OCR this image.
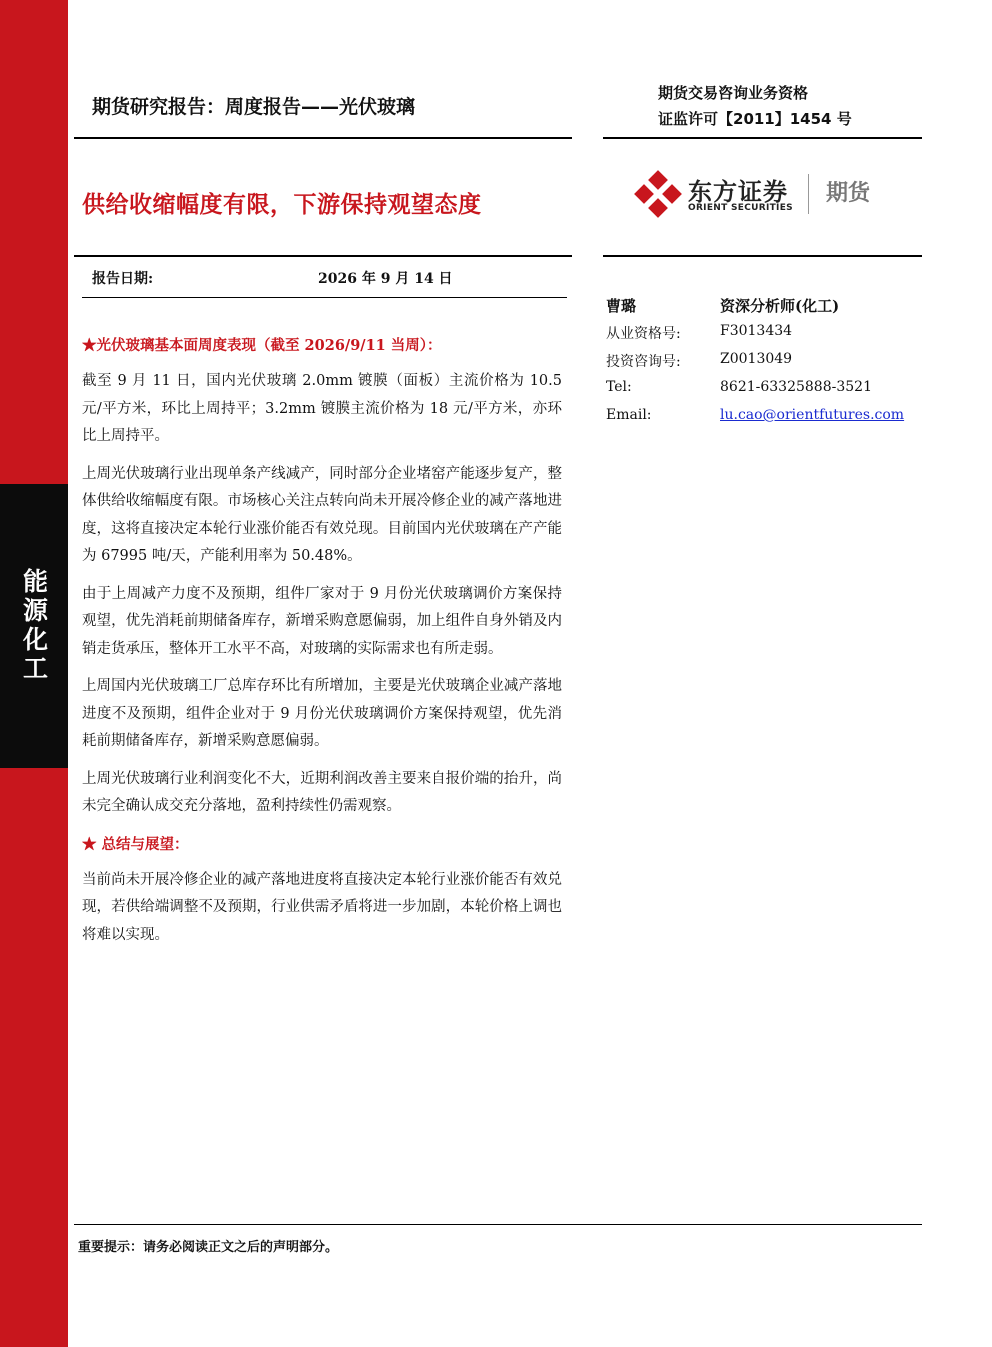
能源化工
期货研究报告：周度报告——光伏玻璃
期货交易咨询业务资格
证监许可【2011】1454 号
供给收缩幅度有限，下游保持观望态度	东方证券
ORIENT SECURITIES
期货
报告日期:	2026 年 9 月 14 日
曹璐	资深分析师(化工)
从业资格号:	F3013434
投资咨询号:	Z0013049
Tel:	8621-63325888-3521
Email:	lu.cao@orientfutures.com
★光伏玻璃基本面周度表现（截至 2026/9/11 当周）：

截至 9 月 11 日，国内光伏玻璃 2.0mm 镀膜（面板）主流价格为 10.5 元/平方米，环比上周持平；3.2mm 镀膜主流价格为 18 元/平方米，亦环比上周持平。

上周光伏玻璃行业出现单条产线减产，同时部分企业堵窑产能逐步复产，整体供给收缩幅度有限。市场核心关注点转向尚未开展冷修企业的减产落地进度，这将直接决定本轮行业涨价能否有效兑现。目前国内光伏玻璃在产产能为 67995 吨/天，产能利用率为 50.48%。

由于上周减产力度不及预期，组件厂家对于 9 月份光伏玻璃调价方案保持观望，优先消耗前期储备库存，新增采购意愿偏弱，加上组件自身外销及内销走货承压，整体开工水平不高，对玻璃的实际需求也有所走弱。

上周国内光伏玻璃工厂总库存环比有所增加，主要是光伏玻璃企业减产落地进度不及预期，组件企业对于 9 月份光伏玻璃调价方案保持观望，优先消耗前期储备库存，新增采购意愿偏弱。

上周光伏玻璃行业利润变化不大，近期利润改善主要来自报价端的抬升，尚未完全确认成交充分落地，盈利持续性仍需观察。

★ 总结与展望：

当前尚未开展冷修企业的减产落地进度将直接决定本轮行业涨价能否有效兑现，若供给端调整不及预期，行业供需矛盾将进一步加剧，本轮价格上调也将难以实现。

重要提示：请务必阅读正文之后的声明部分。
